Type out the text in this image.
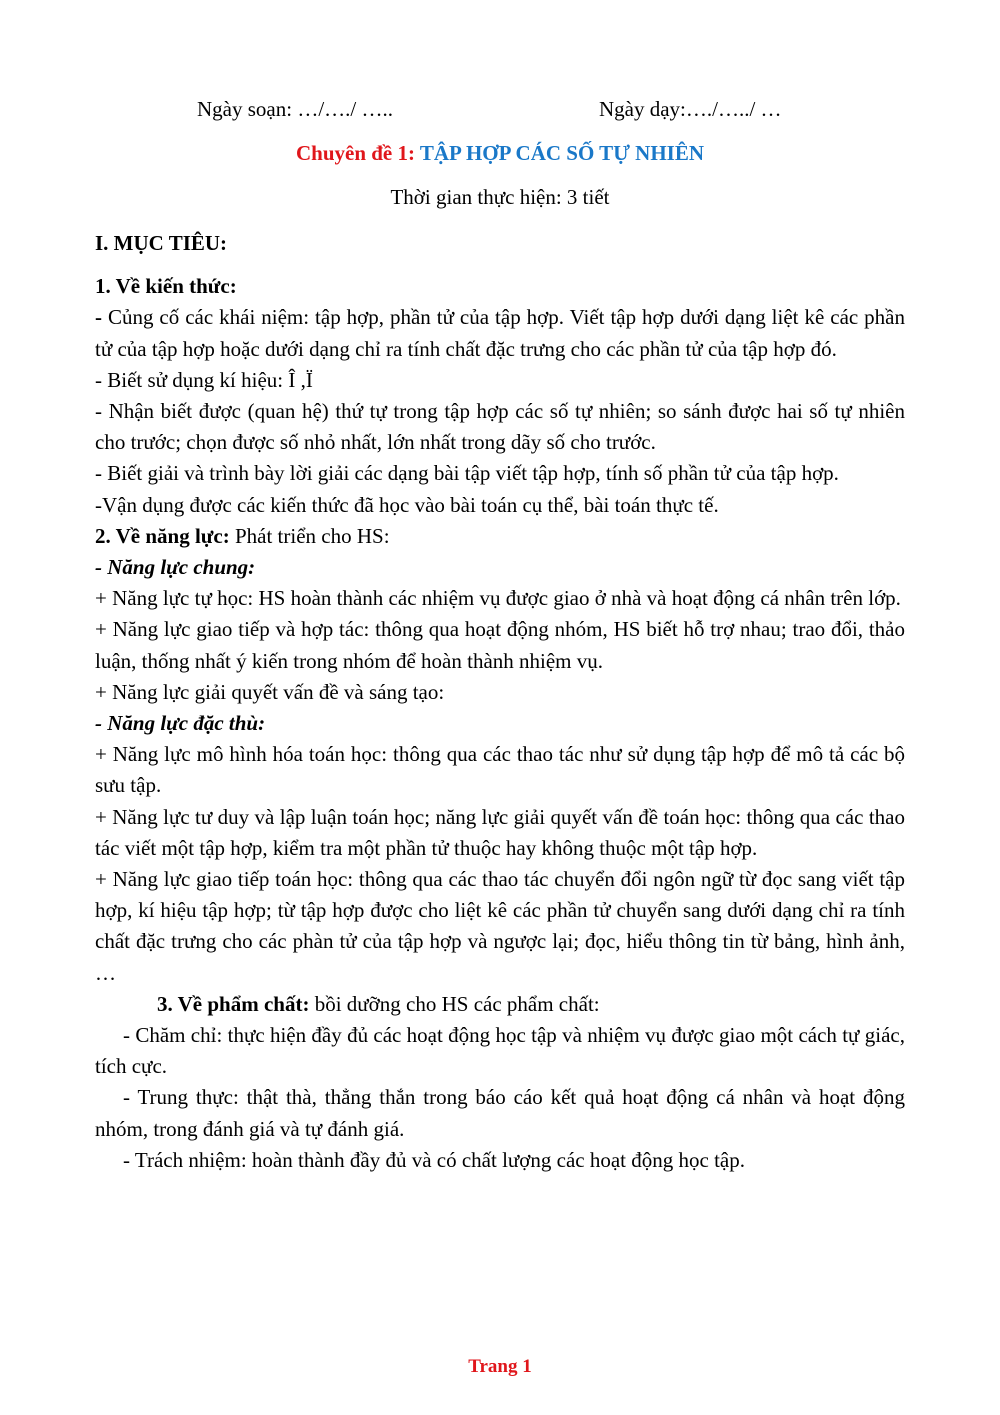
Ngày soạn: …/…./ …..	Ngày dạy:…./…../ …
Chuyên đề 1: TẬP HỢP CÁC SỐ TỰ NHIÊN
Thời gian thực hiện: 3 tiết
I. MỤC TIÊU:
1. Về kiến thức:

- Củng cố các khái niệm: tập hợp, phần tử của tập hợp. Viết tập hợp dưới dạng liệt kê các phần tử của tập hợp hoặc dưới dạng chỉ ra tính chất đặc trưng cho các phần tử của tập hợp đó.

- Biết sử dụng kí hiệu: Î ,Ï

- Nhận biết được (quan hệ) thứ tự trong tập hợp các số tự nhiên; so sánh được hai số tự nhiên cho trước; chọn được số nhỏ nhất, lớn nhất trong dãy số cho trước.

- Biết giải và trình bày lời giải các dạng bài tập viết tập hợp, tính số phần tử của tập hợp.

-Vận dụng được các kiến thức đã học vào bài toán cụ thể, bài toán thực tế.

2. Về năng lực: Phát triển cho HS:

- Năng lực chung:

+ Năng lực tự học: HS hoàn thành các nhiệm vụ được giao ở nhà và hoạt động cá nhân trên lớp.

+ Năng lực giao tiếp và hợp tác: thông qua hoạt động nhóm, HS biết hỗ trợ nhau; trao đổi, thảo luận, thống nhất ý kiến trong nhóm để hoàn thành nhiệm vụ.

+ Năng lực giải quyết vấn đề và sáng tạo:

- Năng lực đặc thù:

+ Năng lực mô hình hóa toán học: thông qua các thao tác như sử dụng tập hợp để mô tả các bộ sưu tập.

+ Năng lực tư duy và lập luận toán học; năng lực giải quyết vấn đề toán học: thông qua các thao tác viết một tập hợp, kiểm tra một phần tử thuộc hay không thuộc một tập hợp.

+ Năng lực giao tiếp toán học: thông qua các thao tác chuyển đổi ngôn ngữ từ đọc sang viết tập hợp, kí hiệu tập hợp; từ tập hợp được cho liệt kê các phần tử chuyển sang dưới dạng chỉ ra tính chất đặc trưng cho các phàn tử của tập hợp và ngược lại; đọc, hiểu thông tin từ bảng, hình ảnh, …

3. Về phẩm chất: bồi dưỡng cho HS các phẩm chất:

- Chăm chỉ: thực hiện đầy đủ các hoạt động học tập và nhiệm vụ được giao một cách tự giác, tích cực.

- Trung thực: thật thà, thẳng thắn trong báo cáo kết quả hoạt động cá nhân và hoạt động nhóm, trong đánh giá và tự đánh giá.

- Trách nhiệm: hoàn thành đầy đủ và có chất lượng các hoạt động học tập.

Trang 1
